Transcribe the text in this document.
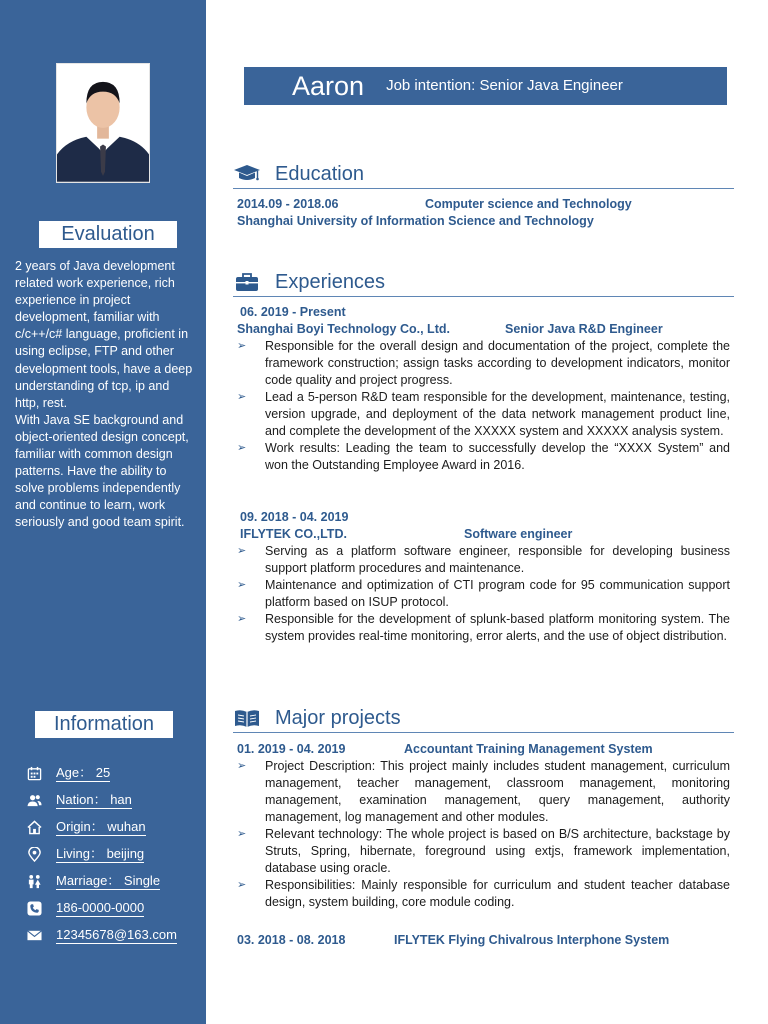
Evaluation

2 years of Java development related work experience, rich experience in project development, familiar with c/c++/c# language, proficient in using eclipse, FTP and other development tools, have a deep understanding of tcp, ip and http, rest.

With Java SE background and object-oriented design concept, familiar with common design patterns. Have the ability to solve problems independently and continue to learn, work seriously and good team spirit.

Information
Age： 25
Nation： han
Origin： wuhan
Living： beijing
Marriage： Single
186-0000-0000
12345678@163.com
Aaron Job intention: Senior Java Engineer
Education
2014.09 - 2018.06	Computer science and Technology
Shanghai University of Information Science and Technology
Experiences
06. 2019 - Present
Shanghai Boyi Technology Co., Ltd.	Senior Java R&D Engineer
➢ Responsible for the overall design and documentation of the project, complete the framework construction; assign tasks according to development indicators, monitor code quality and project progress.
➢ Lead a 5-person R&D team responsible for the development, maintenance, testing, version upgrade, and deployment of the data network management product line, and complete the development of the XXXXX system and XXXXX analysis system.
➢ Work results: Leading the team to successfully develop the “XXXX System” and won the Outstanding Employee Award in 2016.
09. 2018 - 04. 2019
IFLYTEK CO.,LTD.	Software engineer
➢ Serving as a platform software engineer, responsible for developing business support platform procedures and maintenance.
➢ Maintenance and optimization of CTI program code for 95 communication support platform based on ISUP protocol.
➢ Responsible for the development of splunk-based platform monitoring system. The system provides real-time monitoring, error alerts, and the use of object distribution.
Major projects
01. 2019 - 04. 2019	Accountant Training Management System
➢ Project Description: This project mainly includes student management, curriculum management, teacher management, classroom management, monitoring management, examination management, query management, authority management, log management and other modules.
➢ Relevant technology: The whole project is based on B/S architecture, backstage by Struts, Spring, hibernate, foreground using extjs, framework implementation, database using oracle.
➢ Responsibilities: Mainly responsible for curriculum and student teacher database design, system building, core module coding.
03. 2018 - 08. 2018	IFLYTEK Flying Chivalrous Interphone System
